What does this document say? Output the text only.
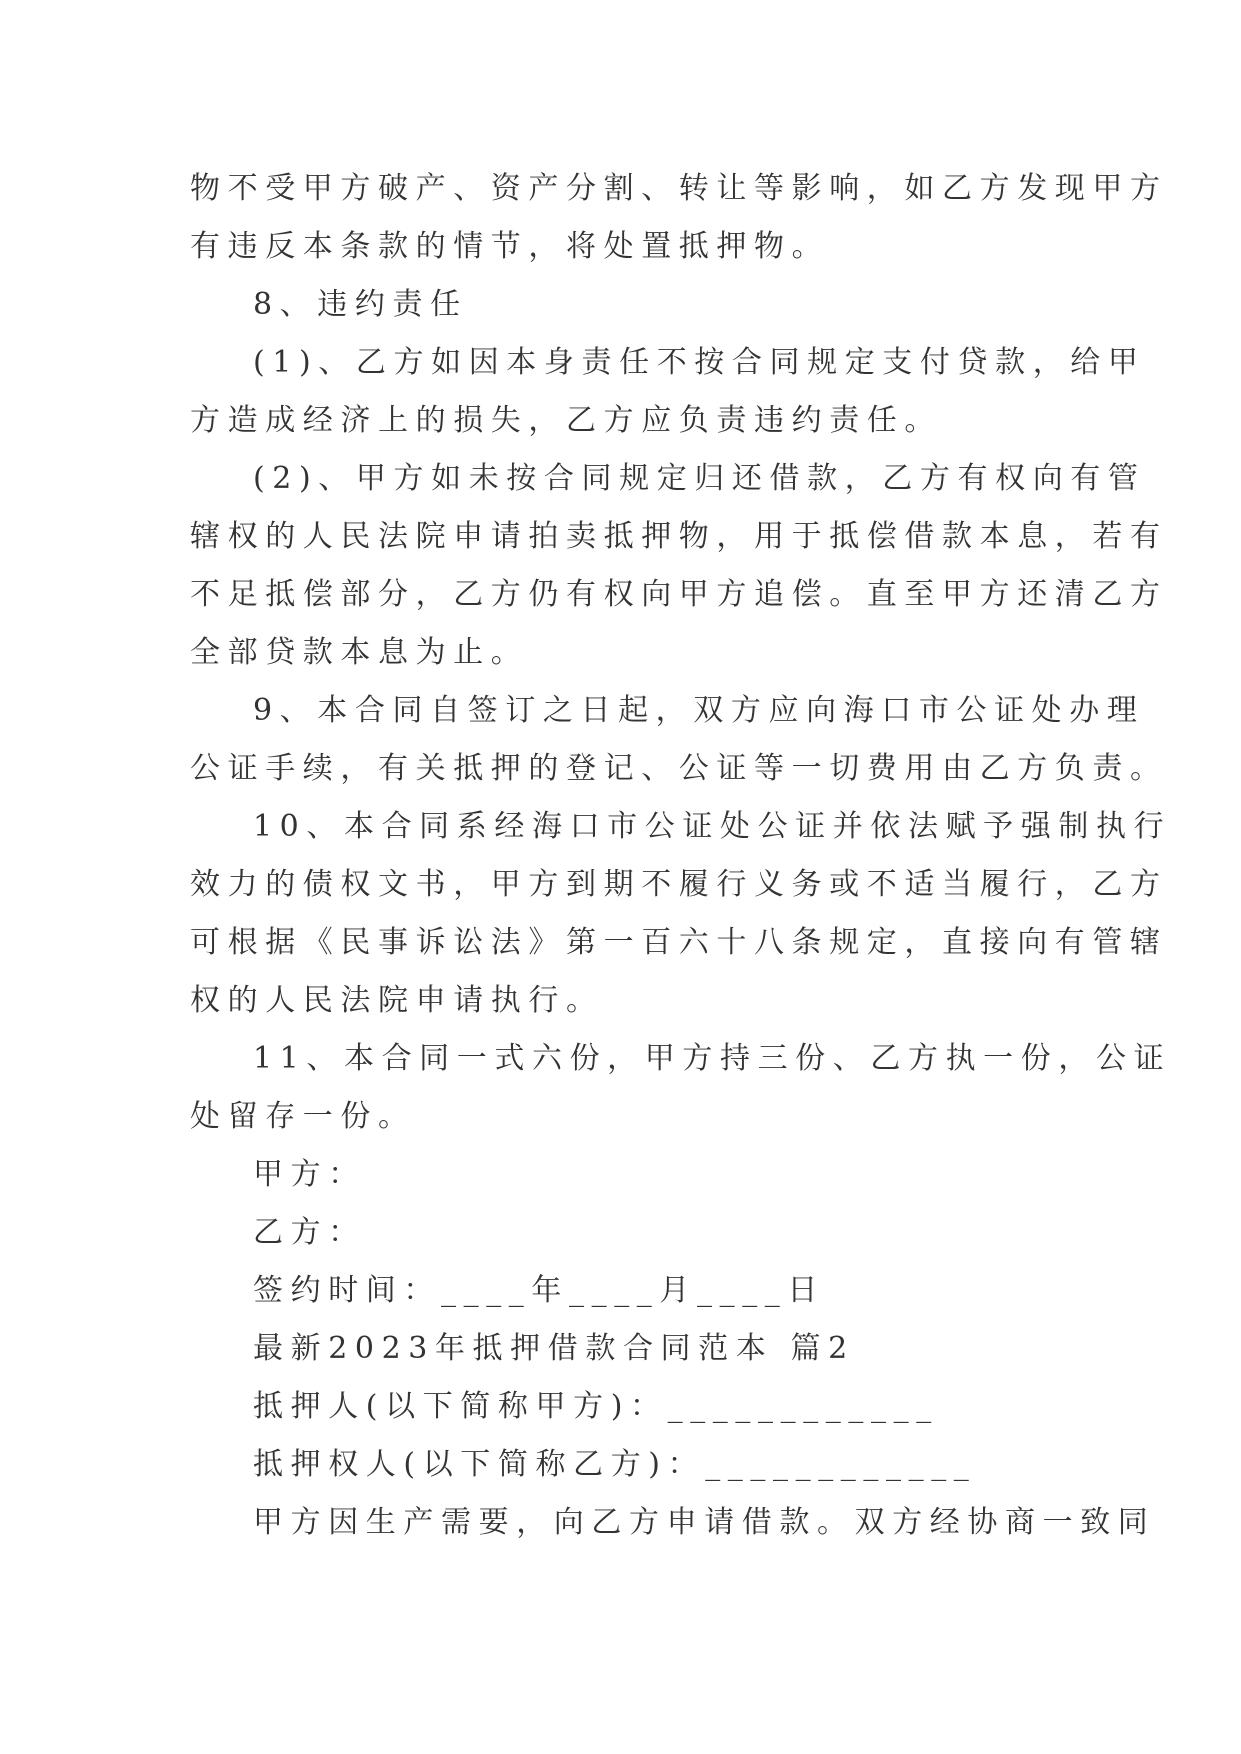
物不受甲方破产、资产分割、转让等影响，如乙方发现甲方
有违反本条款的情节，将处置抵押物。
8、违约责任
(1)、乙方如因本身责任不按合同规定支付贷款，给甲
方造成经济上的损失，乙方应负责违约责任。
(2)、甲方如未按合同规定归还借款，乙方有权向有管
辖权的人民法院申请拍卖抵押物，用于抵偿借款本息，若有
不足抵偿部分，乙方仍有权向甲方追偿。直至甲方还清乙方
全部贷款本息为止。
9、本合同自签订之日起，双方应向海口市公证处办理
公证手续，有关抵押的登记、公证等一切费用由乙方负责。
10、本合同系经海口市公证处公证并依法赋予强制执行
效力的债权文书，甲方到期不履行义务或不适当履行，乙方
可根据《民事诉讼法》第一百六十八条规定，直接向有管辖
权的人民法院申请执行。
11、本合同一式六份，甲方持三份、乙方执一份，公证
处留存一份。
甲方：
乙方：
签约时间：____年____月____日
最新2023年抵押借款合同范本 篇2
抵押人(以下简称甲方)：____________
抵押权人(以下简称乙方)：____________
甲方因生产需要，向乙方申请借款。双方经协商一致同
